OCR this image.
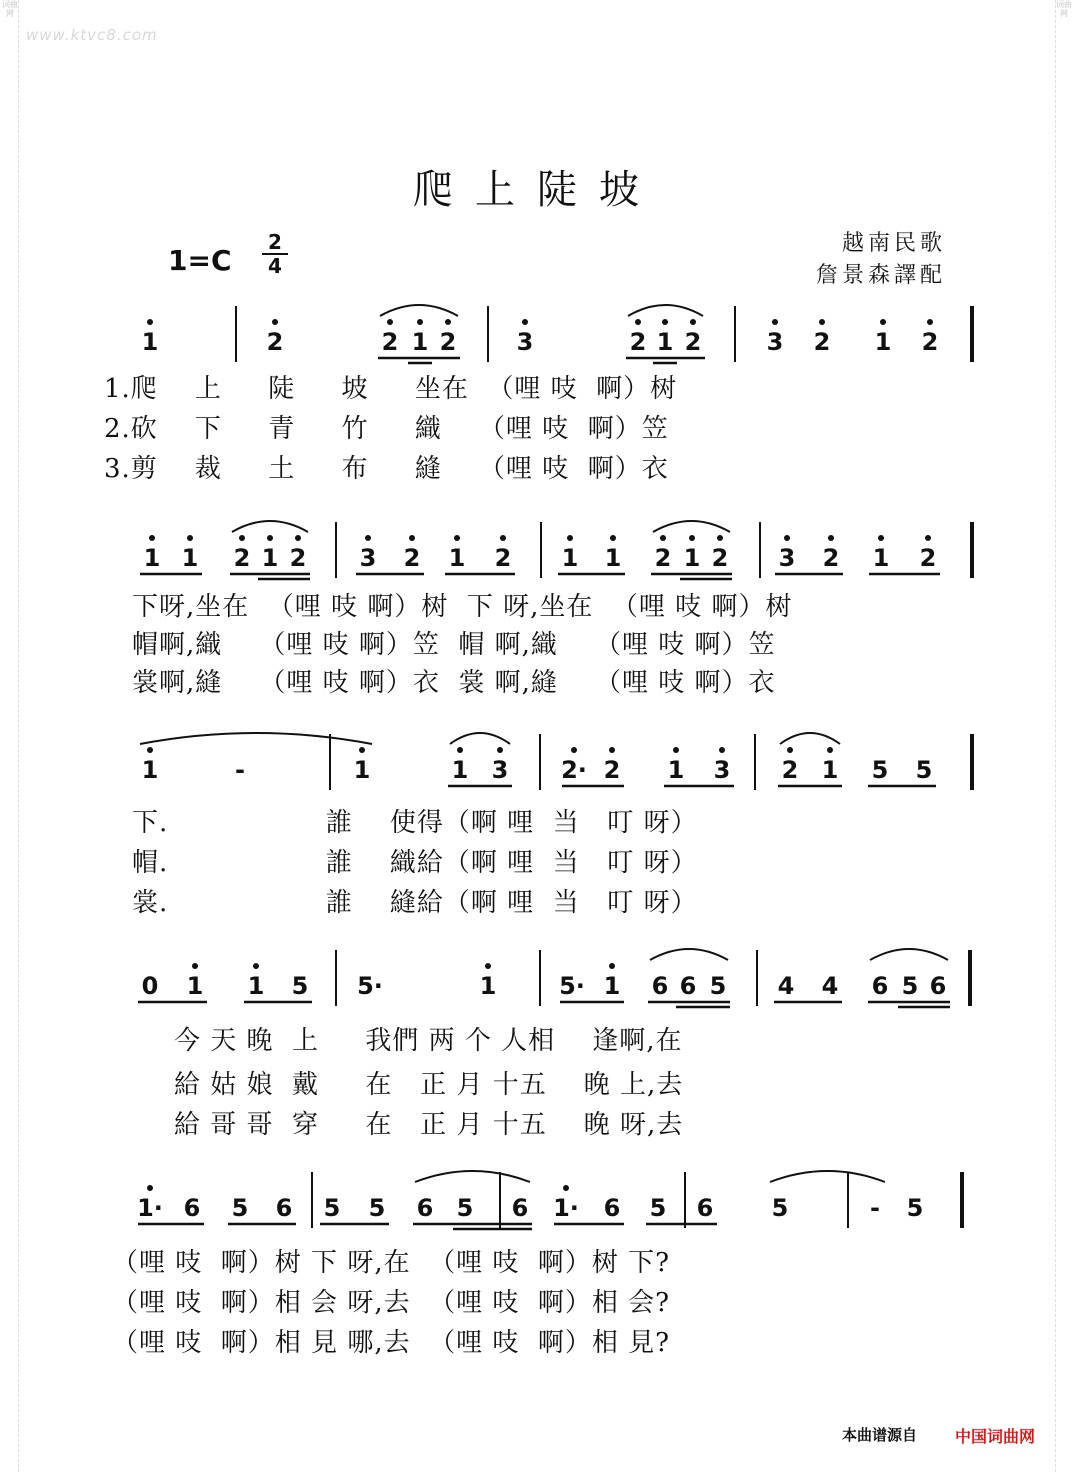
词曲网
词曲网
www.ktvc8.com
爬上陡坡
1=C
2
4
越南民歌
詹景森譯配
1	2	2 1 2	3	2 1 2	3 2 1 2
1.爬    上     陡     坡     坐在  （哩 吱  啊）树
2.砍    下     青     竹     織    （哩 吱  啊）笠
3.剪    裁     土     布     縫    （哩 吱  啊）衣
1 1 2 1 2 3 2 1 2 1 1 2 1 2 3 2 1 2
下呀,坐在  （哩 吱 啊）树  下 呀,坐在  （哩 吱 啊）树
帽啊,織    （哩 吱 啊）笠  帽 啊,織    （哩 吱 啊）笠
裳啊,縫    （哩 吱 啊）衣  裳 啊,縫    （哩 吱 啊）衣
1	-	1	1 3 2· 2 1 3 2 1 5 5
下.                 誰    使得（啊 哩  当   叮 呀）
帽.                 誰    織給（啊 哩  当   叮 呀）
裳.                 誰    縫給（啊 哩  当   叮 呀）
0 1 1 5 5·	1	5· 1 6 6 5 4 4 6 5 6
今 天 晚  上     我們 两 个 人相    逢啊,在
給 姑 娘  戴     在   正 月 十五    晚 上,去
給 哥 哥  穿     在   正 月 十五    晚 呀,去
1· 6 5 6 5 5 6 5 6 1· 6 5 6 5	- 5
（哩 吱  啊）树 下 呀,在  （哩 吱  啊）树 下?
（哩 吱  啊）相 会 呀,去  （哩 吱  啊）相 会?
（哩 吱  啊）相 見 哪,去  （哩 吱  啊）相 見?
本曲谱源自 中国词曲网
